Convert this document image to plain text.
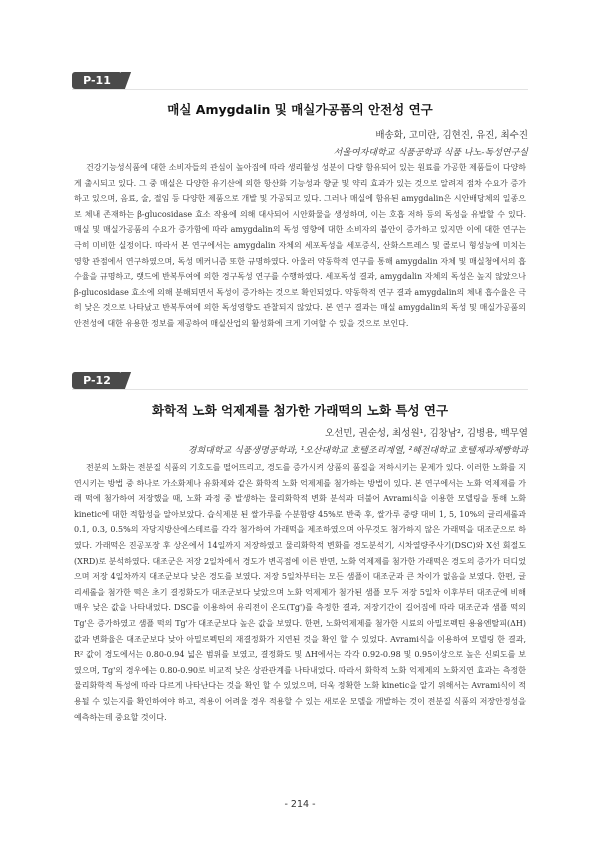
P-11
매실 Amygdalin 및 매실가공품의 안전성 연구
배송화, 고미란, 김현진, 유진, 최수진
서울여자대학교 식품공학과 식품 나노-독성연구실

건강기능성식품에 대한 소비자들의 관심이 높아짐에 따라 생리활성 성분이 다량 함유되어 있는 원료를 가공한 제품들이 다양하게 출시되고 있다. 그 중 매실은 다양한 유기산에 의한 항산화 기능성과 향균 및 약리 효과가 있는 것으로 알려져 점차 수요가 증가하고 있으며, 음료, 술, 절임 등 다양한 제품으로 개발 및 가공되고 있다. 그러나 매실에 함유된 amygdalin은 시안배당체의 일종으로 체내 존재하는 β-glucosidase 효소 작용에 의해 대사되어 시안화물을 생성하며, 이는 호흡 저하 등의 독성을 유발할 수 있다. 매실 및 매실가공품의 수요가 증가함에 따라 amygdalin의 독성 영향에 대한 소비자의 불안이 증가하고 있지만 이에 대한 연구는 극히 미비한 실정이다. 따라서 본 연구에서는 amygdalin 자체의 세포독성을 세포증식, 산화스트레스 및 콜로니 형성능에 미치는 영향 관점에서 연구하였으며, 독성 메커니즘 또한 규명하였다. 아울러 약동학적 연구를 통해 amygdalin 자체 및 매실청에서의 흡수율을 규명하고, 랫드에 반복투여에 의한 경구독성 연구를 수행하였다. 세포독성 결과, amygdalin 자체의 독성은 높지 않았으나 β-glucosidase 효소에 의해 분해되면서 독성이 증가하는 것으로 확인되었다. 약동학적 연구 결과 amygdalin의 체내 흡수율은 극히 낮은 것으로 나타났고 반복투여에 의한 독성영향도 관찰되지 않았다. 본 연구 결과는 매실 amygdalin의 독성 및 매실가공품의 안전성에 대한 유용한 정보를 제공하여 매실산업의 활성화에 크게 기여할 수 있을 것으로 보인다.

P-12
화학적 노화 억제제를 첨가한 가래떡의 노화 특성 연구
오선민, 권순성, 최성원¹, 김창남², 김병용, 백무열
경희대학교 식품생명공학과, ¹오산대학교 호텔조리계열, ²혜전대학교 호텔제과제빵학과

전분의 노화는 전분질 식품의 기호도를 떨어뜨리고, 경도를 증가시켜 상품의 품질을 저하시키는 문제가 있다. 이러한 노화를 지연시키는 방법 중 하나로 가소화제나 유화제와 같은 화학적 노화 억제제를 첨가하는 방법이 있다. 본 연구에서는 노화 억제제를 가래 떡에 첨가하여 저장했을 때, 노화 과정 중 발생하는 물리화학적 변화 분석과 더불어 Avrami식을 이용한 모델링을 통해 노화 kinetic에 대한 적합성을 알아보았다. 습식제분 된 쌀가루를 수분함량 45%로 반죽 후, 쌀가루 중량 대비 1, 5, 10%의 글리세롤과 0.1, 0.3, 0.5%의 자당지방산에스테르를 각각 첨가하여 가래떡을 제조하였으며 아무것도 첨가하지 않은 가래떡을 대조군으로 하였다. 가래떡은 진공포장 후 상온에서 14일까지 저장하였고 물리화학적 변화를 경도분석기, 시차열량주사기(DSC)와 X선 회절도(XRD)로 분석하였다. 대조군은 저장 2일차에서 경도가 변곡점에 이른 반면, 노화 억제제를 첨가한 가래떡은 경도의 증가가 더디었으며 저장 4일차까지 대조군보다 낮은 경도를 보였다. 저장 5일차부터는 모든 샘플이 대조군과 큰 차이가 없음을 보였다. 한편, 글리세롤을 첨가한 떡은 초기 결정화도가 대조군보다 낮았으며 노화 억제제가 첨가된 샘플 모두 저장 5일차 이후부터 대조군에 비해 매우 낮은 값을 나타내었다. DSC를 이용하여 유리전이 온도(Tg')를 측정한 결과, 저장기간이 길어짐에 따라 대조군과 샘플 떡의 Tg'은 증가하였고 샘플 떡의 Tg'가 대조군보다 높은 값을 보였다. 한편, 노화억제제를 첨가한 시료의 아밀로펙틴 용융엔탈피(ΔH)값과 변화율은 대조군보다 낮아 아밀로펙틴의 재결정화가 지연된 것을 확인 할 수 있었다. Avrami식을 이용하여 모델링 한 결과, R² 값이 경도에서는 0.80-0.94 넓은 범위를 보였고, 결정화도 및 ΔH에서는 각각 0.92-0.98 및 0.95이상으로 높은 신뢰도를 보였으며, Tg'의 경우에는 0.80-0.90로 비교적 낮은 상관관계를 나타내었다. 따라서 화학적 노화 억제제의 노화지연 효과는 측정한 물리화학적 특성에 따라 다르게 나타난다는 것을 확인 할 수 있었으며, 더욱 정확한 노화 kinetic을 알기 위해서는 Avrami식이 적용될 수 있는지를 확인하여야 하고, 적용이 어려울 경우 적용할 수 있는 새로운 모델을 개발하는 것이 전분질 식품의 저장안정성을 예측하는데 중요할 것이다.

- 214 -
